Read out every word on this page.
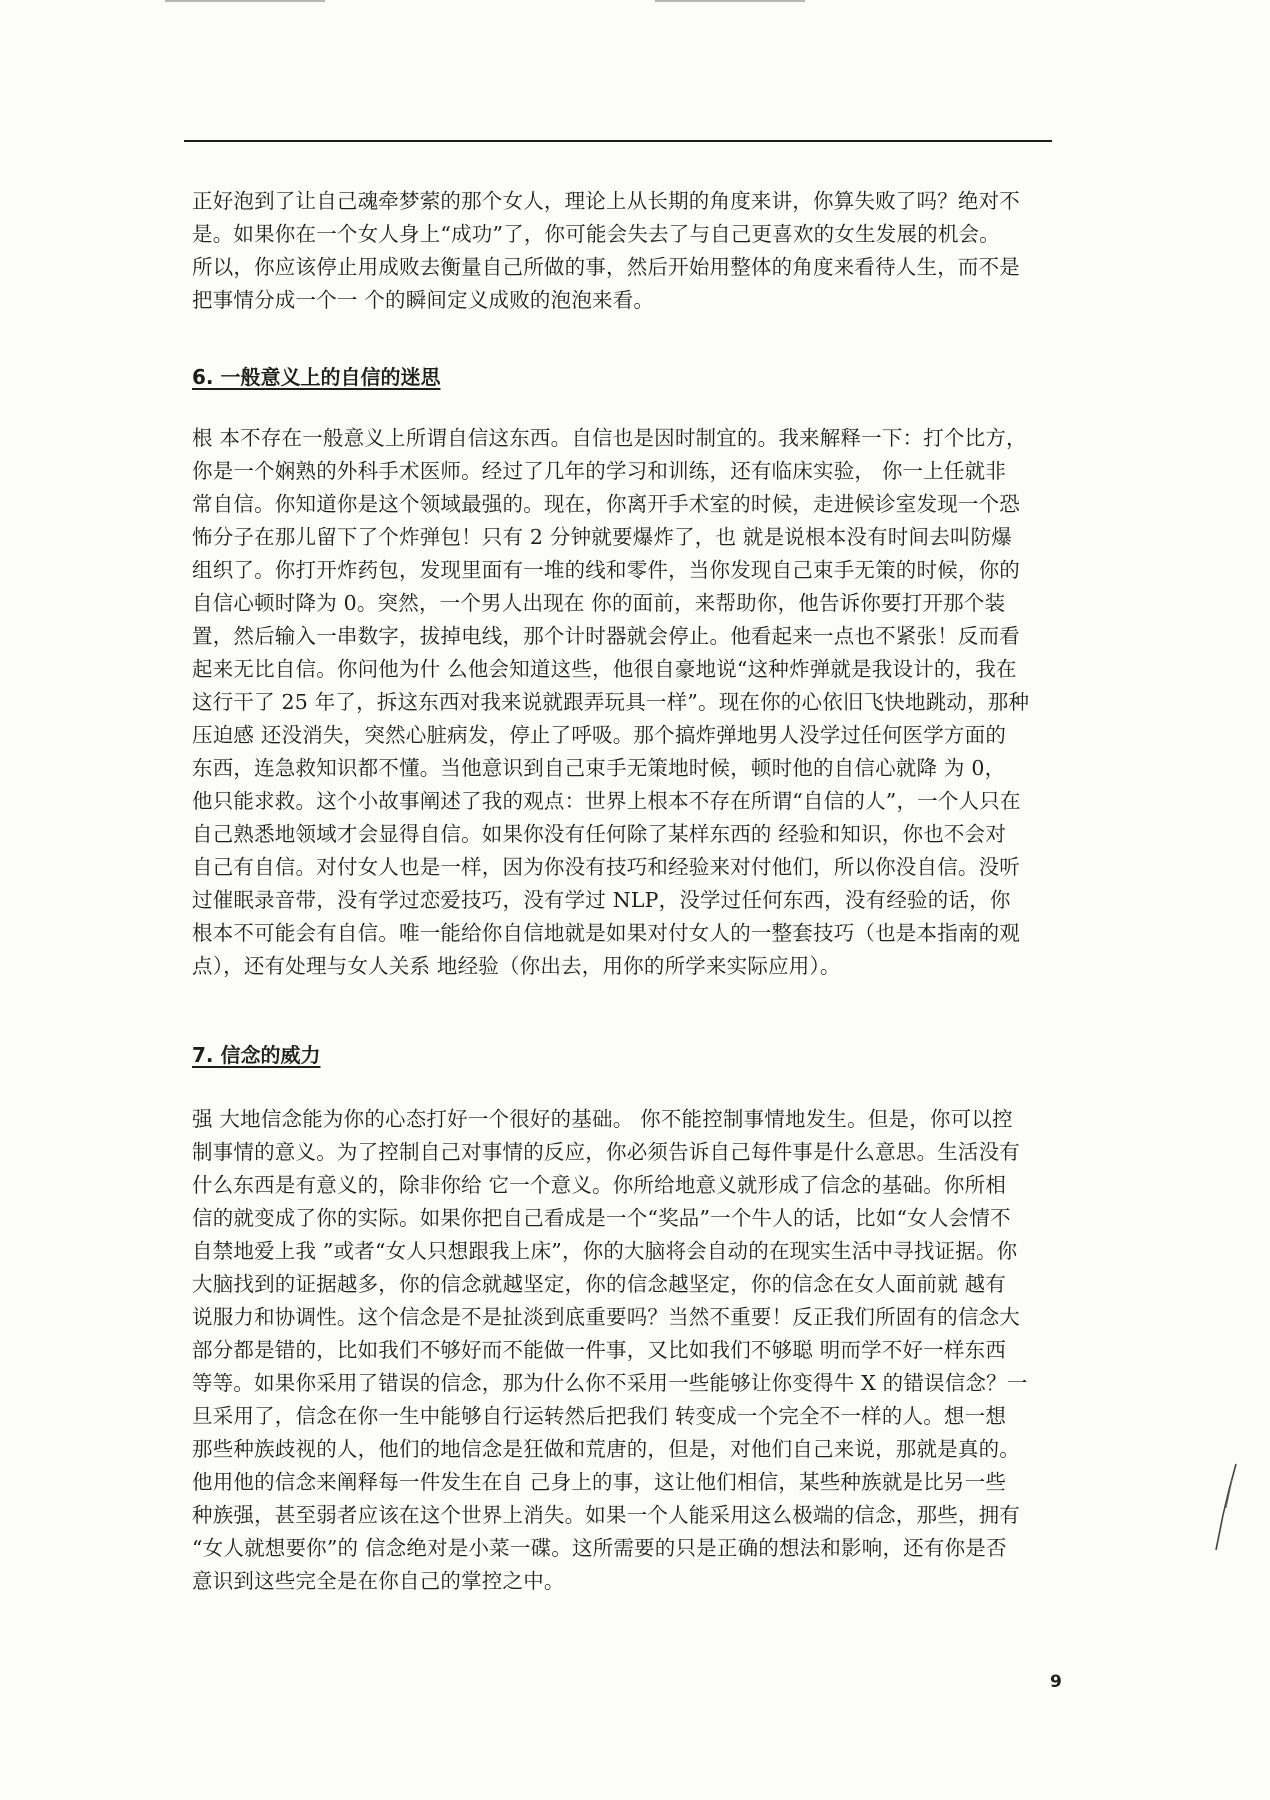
正好泡到了让自己魂牵梦萦的那个女人，理论上从长期的角度来讲，你算失败了吗？绝对不
是。如果你在一个女人身上“成功”了，你可能会失去了与自己更喜欢的女生发展的机会。
所以，你应该停止用成败去衡量自己所做的事，然后开始用整体的角度来看待人生，而不是
把事情分成一个一 个的瞬间定义成败的泡泡来看。
6. 一般意义上的自信的迷思
根 本不存在一般意义上所谓自信这东西。自信也是因时制宜的。我来解释一下：打个比方，
你是一个娴熟的外科手术医师。经过了几年的学习和训练，还有临床实验， 你一上任就非
常自信。你知道你是这个领域最强的。现在，你离开手术室的时候，走进候诊室发现一个恐
怖分子在那儿留下了个炸弹包！只有 2 分钟就要爆炸了，也 就是说根本没有时间去叫防爆
组织了。你打开炸药包，发现里面有一堆的线和零件，当你发现自己束手无策的时候，你的
自信心顿时降为 0。突然，一个男人出现在 你的面前，来帮助你，他告诉你要打开那个装
置，然后输入一串数字，拔掉电线，那个计时器就会停止。他看起来一点也不紧张！反而看
起来无比自信。你问他为什 么他会知道这些，他很自豪地说“这种炸弹就是我设计的，我在
这行干了 25 年了，拆这东西对我来说就跟弄玩具一样”。现在你的心依旧飞快地跳动，那种
压迫感 还没消失，突然心脏病发，停止了呼吸。那个搞炸弹地男人没学过任何医学方面的
东西，连急救知识都不懂。当他意识到自己束手无策地时候，顿时他的自信心就降 为 0，
他只能求救。这个小故事阐述了我的观点：世界上根本不存在所谓“自信的人”，一个人只在
自己熟悉地领域才会显得自信。如果你没有任何除了某样东西的 经验和知识，你也不会对
自己有自信。对付女人也是一样，因为你没有技巧和经验来对付他们，所以你没自信。没听
过催眠录音带，没有学过恋爱技巧，没有学过 NLP，没学过任何东西，没有经验的话，你
根本不可能会有自信。唯一能给你自信地就是如果对付女人的一整套技巧（也是本指南的观
点），还有处理与女人关系 地经验（你出去，用你的所学来实际应用）。
7. 信念的威力
强 大地信念能为你的心态打好一个很好的基础。 你不能控制事情地发生。但是，你可以控
制事情的意义。为了控制自己对事情的反应，你必须告诉自己每件事是什么意思。生活没有
什么东西是有意义的，除非你给 它一个意义。你所给地意义就形成了信念的基础。你所相
信的就变成了你的实际。如果你把自己看成是一个“奖品”一个牛人的话，比如“女人会情不
自禁地爱上我 ”或者“女人只想跟我上床”，你的大脑将会自动的在现实生活中寻找证据。你
大脑找到的证据越多，你的信念就越坚定，你的信念越坚定，你的信念在女人面前就 越有
说服力和协调性。这个信念是不是扯淡到底重要吗？当然不重要！反正我们所固有的信念大
部分都是错的，比如我们不够好而不能做一件事，又比如我们不够聪 明而学不好一样东西
等等。如果你采用了错误的信念，那为什么你不采用一些能够让你变得牛 X 的错误信念？一
旦采用了，信念在你一生中能够自行运转然后把我们 转变成一个完全不一样的人。想一想
那些种族歧视的人，他们的地信念是狂做和荒唐的，但是，对他们自己来说，那就是真的。
他用他的信念来阐释每一件发生在自 己身上的事，这让他们相信，某些种族就是比另一些
种族强，甚至弱者应该在这个世界上消失。如果一个人能采用这么极端的信念，那些，拥有
“女人就想要你”的 信念绝对是小菜一碟。这所需要的只是正确的想法和影响，还有你是否
意识到这些完全是在你自己的掌控之中。
9
